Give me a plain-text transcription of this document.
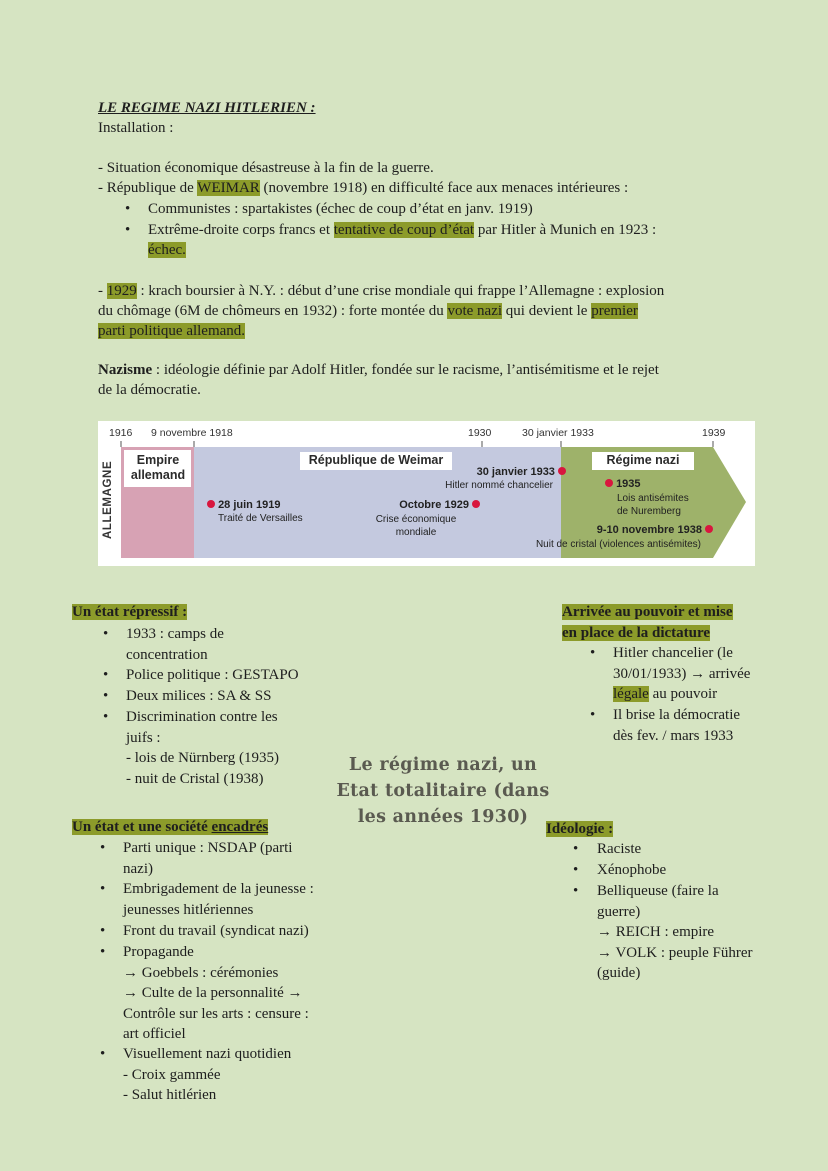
LE REGIME NAZI HITLERIEN :
Installation :
- Situation économique désastreuse à la fin de la guerre.
- République de WEIMAR (novembre 1918) en difficulté face aux menaces intérieures :
• Communistes : spartakistes (échec de coup d’état en janv. 1919)
• Extrême-droite corps francs et tentative de coup d’état par Hitler à Munich en 1923 :
échec.
- 1929 : krach boursier à N.Y. : début d’une crise mondiale qui frappe l’Allemagne : explosion
du chômage (6M de chômeurs en 1932) : forte montée du vote nazi qui devient le premier
parti politique allemand.
Nazisme : idéologie définie par Adolf Hitler, fondée sur le racisme, l’antisémitisme et le rejet
de la démocratie.
1916 9 novembre 1918	1930	30 janvier 1933	1939
ALLEMAGNE
Empire
allemand
République de Weimar	Régime nazi
28 juin 1919
Traité de Versailles
Octobre 1929
Crise économique
mondiale
30 janvier 1933
Hitler nommé chancelier	1935
Lois antisémites
de Nuremberg
9-10 novembre 1938
Nuit de cristal (violences antisémites)
Le régime nazi, un
Etat totalitaire (dans
les années 1930)
Un état répressif :
• 1933 : camps de
concentration
• Police politique : GESTAPO
• Deux milices : SA & SS
• Discrimination contre les
juifs :
- lois de Nürnberg (1935)
- nuit de Cristal (1938)
Arrivée au pouvoir et mise
en place de la dictature
• Hitler chancelier (le
30/01/1933) → arrivée
légale au pouvoir
• Il brise la démocratie
dès fev. / mars 1933
Un état et une société encadrés
• Parti unique : NSDAP (parti
nazi)
• Embrigadement de la jeunesse :
jeunesses hitlériennes
• Front du travail (syndicat nazi)
• Propagande
→ Goebbels : cérémonies
→ Culte de la personnalité →
Contrôle sur les arts : censure :
art officiel
• Visuellement nazi quotidien
- Croix gammée
- Salut hitlérien
Idéologie :
• Raciste
• Xénophobe
• Belliqueuse (faire la
guerre)
→ REICH : empire
→ VOLK : peuple Führer
(guide)
